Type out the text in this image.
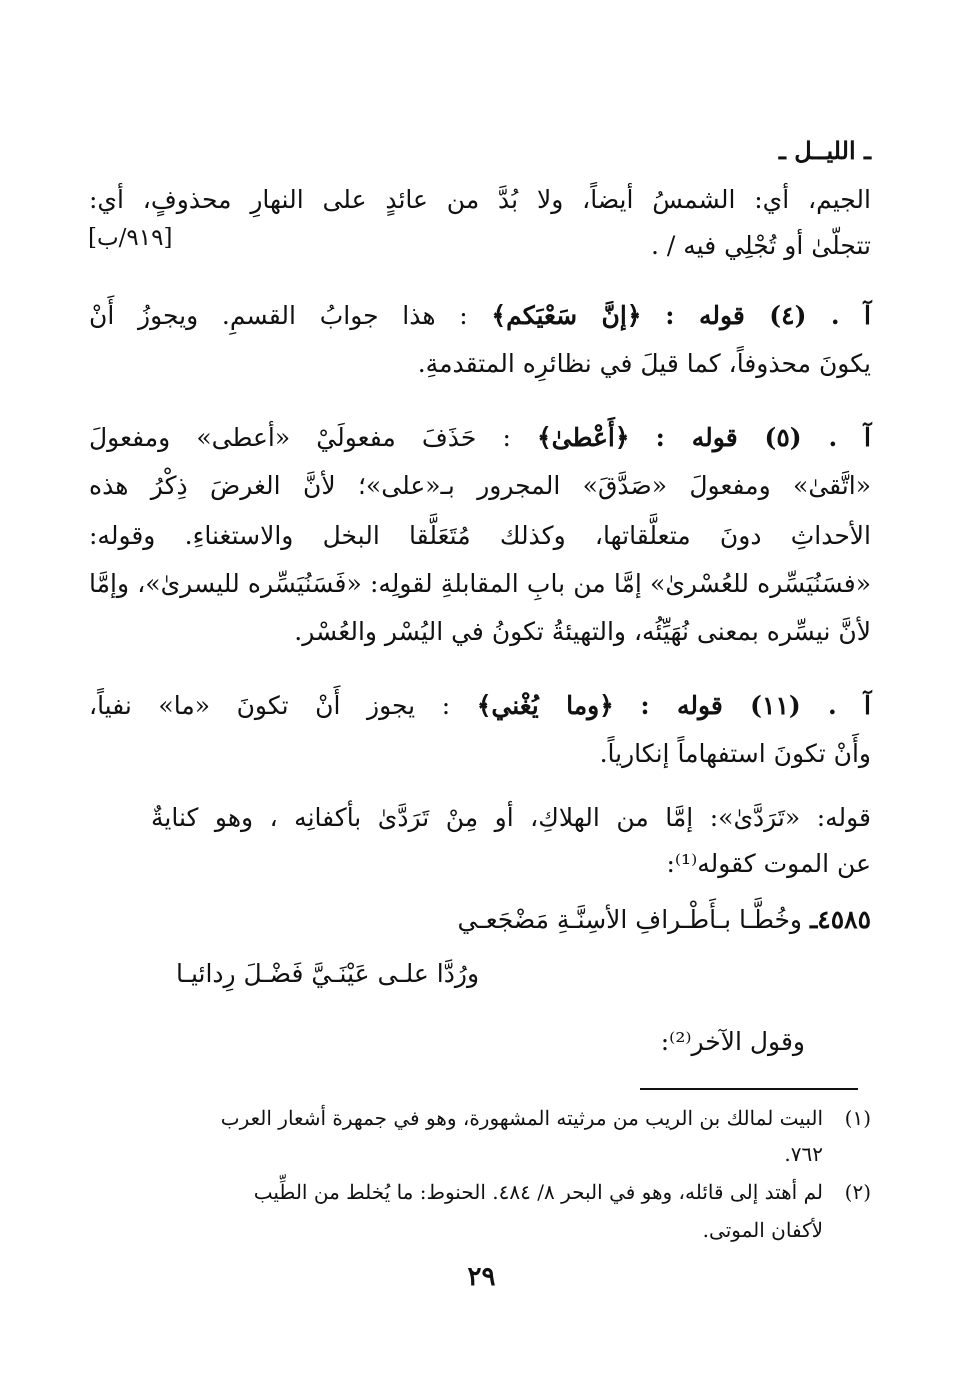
ـ الليــل ـ
الجيم، أي: الشمسُ أيضاً، ولا بُدَّ من عائدٍ على النهارِ محذوفٍ، أي:
تتجلّىٰ أو تُجْلِي فيه / .
[٩١٩/ب]
آ . (٤) قوله : ﴿إنَّ سَعْيَكم﴾ : هذا جوابُ القسمِ. ويجوزُ أَنْ
يكونَ محذوفاً، كما قيلَ في نظائرِه المتقدمةِ.
آ . (٥) قوله : ﴿أَعْطىٰ﴾ : حَذَفَ مفعولَيْ «أعطى» ومفعولَ
«اتَّقىٰ» ومفعولَ «صَدَّقَ» المجرور بـ«على»؛ لأنَّ الغرضَ ذِكْرُ هذه
الأحداثِ دونَ متعلَّقاتها، وكذلك مُتَعَلَّقا البخل والاستغناءِ. وقوله:
«فسَنُيَسِّره للعُسْرىٰ» إمَّا من بابِ المقابلةِ لقولِه: «فَسَنُيَسِّره لليسرىٰ»، وإمَّا
لأنَّ نيسِّره بمعنى نُهَيِّئُه، والتهيئةُ تكونُ في اليُسْر والعُسْر.
آ . (١١) قوله : ﴿وما يُغْني﴾ : يجوز أَنْ تكونَ «ما» نفياً،
وأَنْ تكونَ استفهاماً إنكارياً.
قوله: «تَرَدَّىٰ»: إمَّا من الهلاكِ، أو مِنْ تَرَدَّىٰ بأكفانِه ، وهو كنايةٌ
عن الموت كقوله⁽¹⁾:
٤٥٨٥ـ وخُطَّـا بـأَطْـرافِ الأسِنَّـةِ مَضْجَعـي
ورُدَّا علـى عَيْنَـيَّ فَضْـلَ رِدائيـا
وقول الآخر⁽²⁾:
(١)البيت لمالك بن الريب من مرثيته المشهورة، وهو في جمهرة أشعار العرب
٧٦٢.
(٢)لم أهتد إلى قائله، وهو في البحر ٨/ ٤٨٤. الحنوط: ما يُخلط من الطِّيب
لأكفان الموتى.
٢٩
